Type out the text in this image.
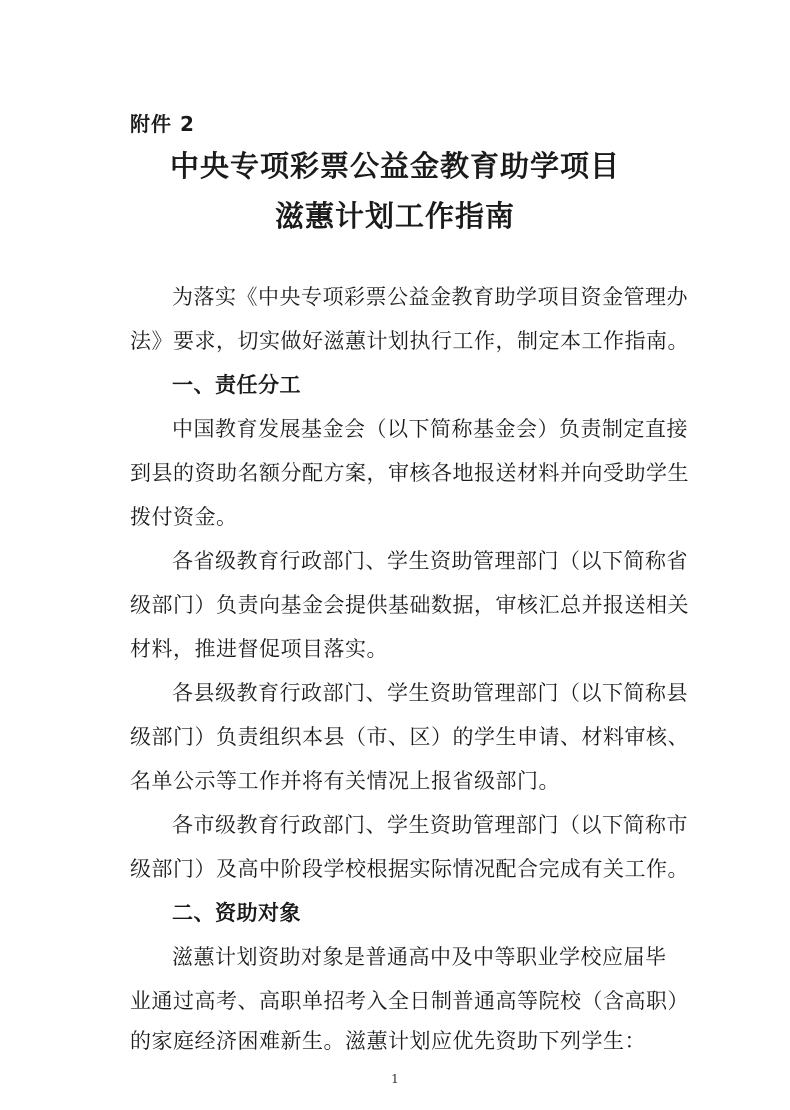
附件 2
中央专项彩票公益金教育助学项目
滋蕙计划工作指南
为落实《中央专项彩票公益金教育助学项目资金管理办
法》要求，切实做好滋蕙计划执行工作，制定本工作指南。
一、责任分工
中国教育发展基金会（以下简称基金会）负责制定直接
到县的资助名额分配方案，审核各地报送材料并向受助学生
拨付资金。
各省级教育行政部门、学生资助管理部门（以下简称省
级部门）负责向基金会提供基础数据，审核汇总并报送相关
材料，推进督促项目落实。
各县级教育行政部门、学生资助管理部门（以下简称县
级部门）负责组织本县（市、区）的学生申请、材料审核、
名单公示等工作并将有关情况上报省级部门。
各市级教育行政部门、学生资助管理部门（以下简称市
级部门）及高中阶段学校根据实际情况配合完成有关工作。
二、资助对象
滋蕙计划资助对象是普通高中及中等职业学校应届毕
业通过高考、高职单招考入全日制普通高等院校（含高职）
的家庭经济困难新生。滋蕙计划应优先资助下列学生：
1
